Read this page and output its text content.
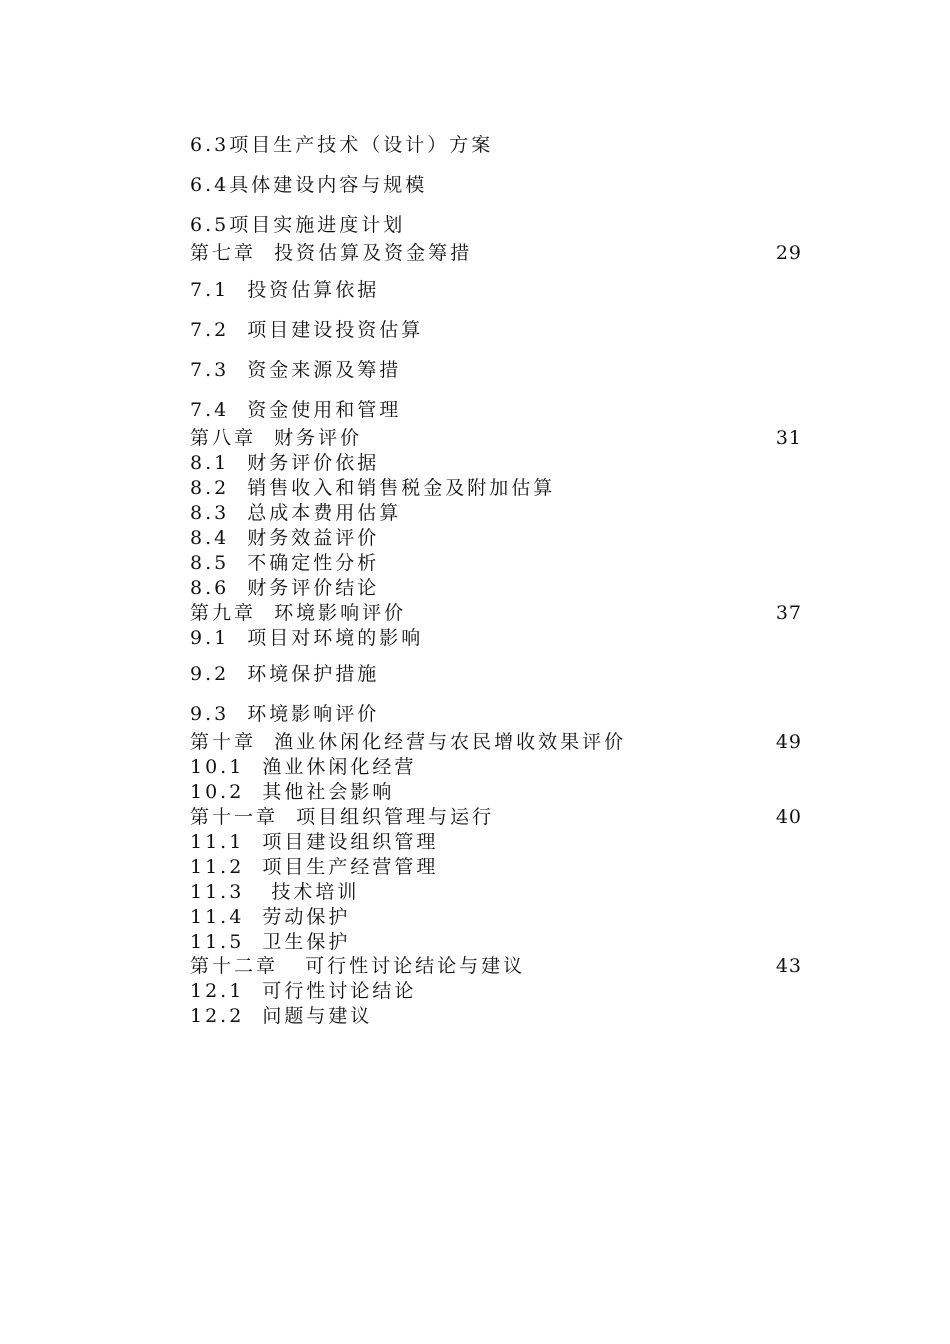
6.3项目生产技术（设计）方案
6.4具体建设内容与规模
6.5项目实施进度计划
第七章  投资估算及资金筹措	29
7.1  投资估算依据
7.2  项目建设投资估算
7.3  资金来源及筹措
7.4  资金使用和管理
第八章  财务评价	31
8.1  财务评价依据
8.2  销售收入和销售税金及附加估算
8.3  总成本费用估算
8.4  财务效益评价
8.5  不确定性分析
8.6  财务评价结论
第九章  环境影响评价	37
9.1  项目对环境的影响
9.2  环境保护措施
9.3  环境影响评价
第十章  渔业休闲化经营与农民增收效果评价	49
10.1  渔业休闲化经营
10.2  其他社会影响
第十一章  项目组织管理与运行	40
11.1  项目建设组织管理
11.2  项目生产经营管理
11.3   技术培训
11.4  劳动保护
11.5  卫生保护
第十二章   可行性讨论结论与建议	43
12.1  可行性讨论结论
12.2  问题与建议
